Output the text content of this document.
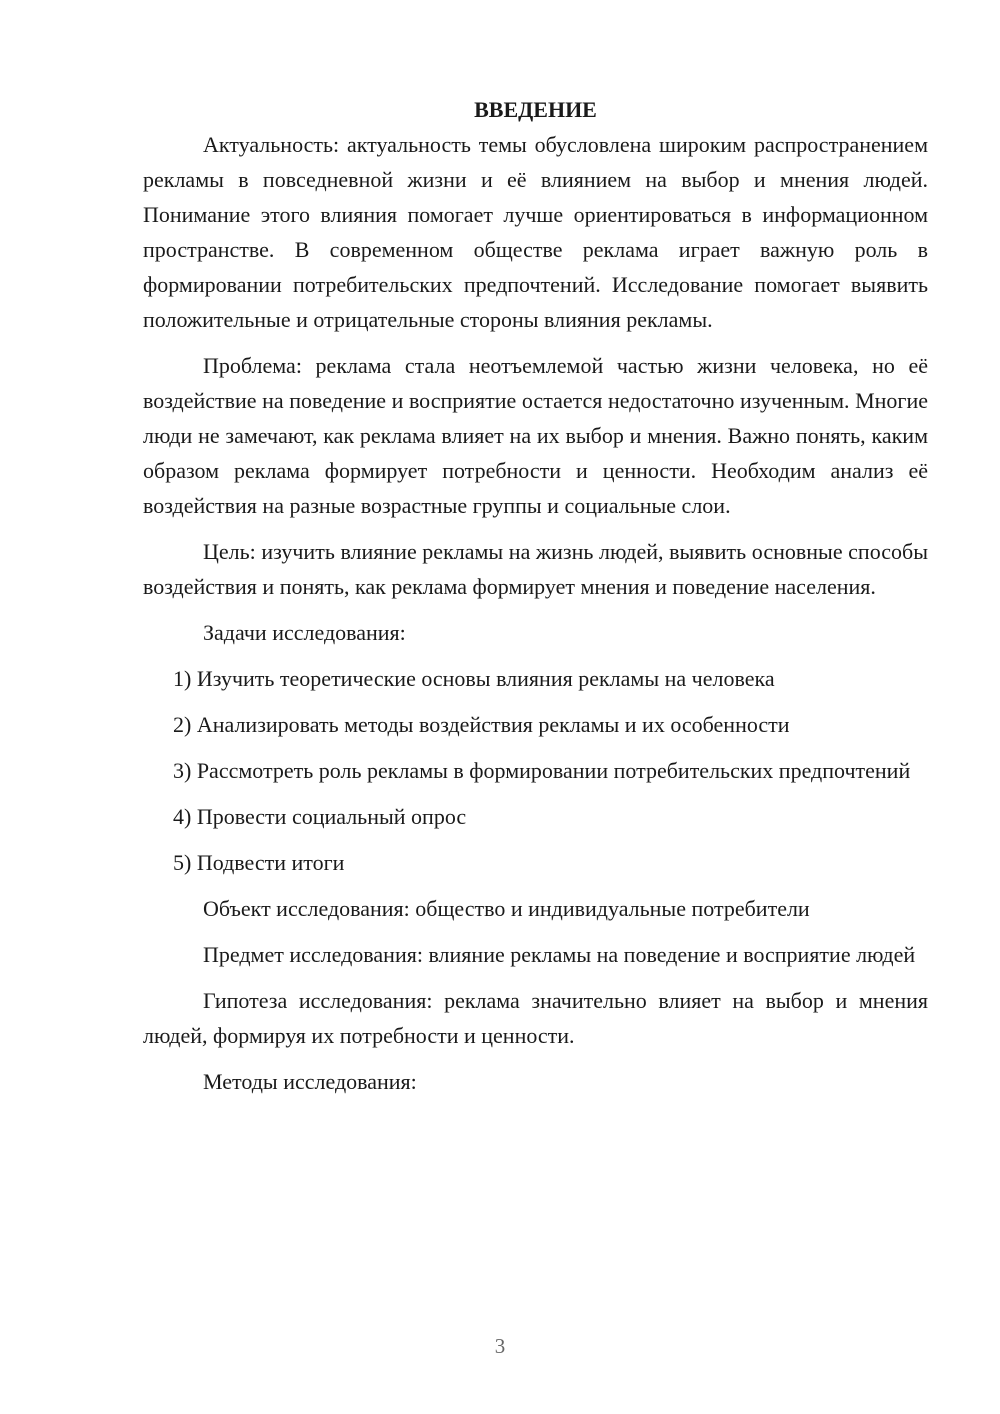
ВВЕДЕНИЕ

Актуальность: актуальность темы обусловлена широким распространением рекламы в повседневной жизни и её влиянием на выбор и мнения людей. Понимание этого влияния помогает лучше ориентироваться в информационном пространстве. В современном обществе реклама играет важную роль в формировании потребительских предпочтений. Исследование помогает выявить положительные и отрицательные стороны влияния рекламы.

Проблема: реклама стала неотъемлемой частью жизни человека, но её воздействие на поведение и восприятие остается недостаточно изученным. Многие люди не замечают, как реклама влияет на их выбор и мнения. Важно понять, каким образом реклама формирует потребности и ценности. Необходим анализ её воздействия на разные возрастные группы и социальные слои.

Цель: изучить влияние рекламы на жизнь людей, выявить основные способы воздействия и понять, как реклама формирует мнения и поведение населения.

Задачи исследования:

1) Изучить теоретические основы влияния рекламы на человека

2) Анализировать методы воздействия рекламы и их особенности

3) Рассмотреть роль рекламы в формировании потребительских предпочтений

4) Провести социальный опрос

5) Подвести итоги

Объект исследования: общество и индивидуальные потребители

Предмет исследования: влияние рекламы на поведение и восприятие людей

Гипотеза исследования: реклама значительно влияет на выбор и мнения людей, формируя их потребности и ценности.

Методы исследования:

3
